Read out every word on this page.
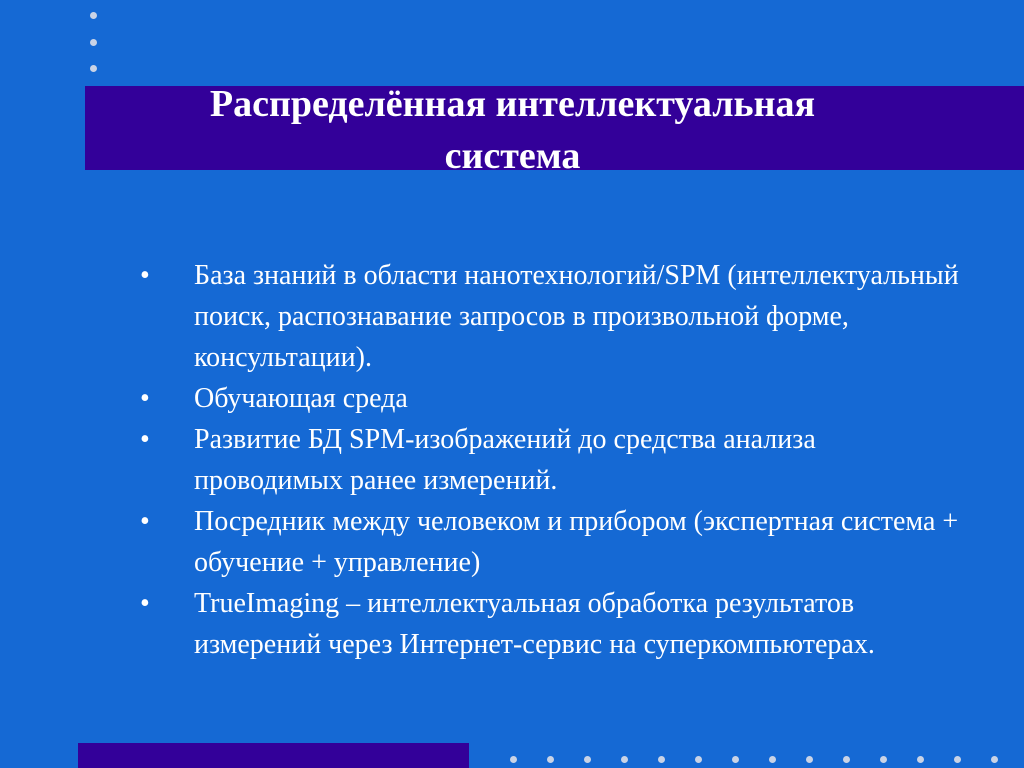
Распределённая интеллектуальная
система
• База знаний в области нанотехнологий/SPM (интеллектуальный поиск, распознавание запросов в произвольной форме, консультации).
• Обучающая среда
• Развитие БД SPM-изображений до средства анализа проводимых ранее измерений.
• Посредник между человеком и прибором (экспертная система + обучение + управление)
• TrueImaging – интеллектуальная обработка результатов измерений через Интернет-сервис на суперкомпьютерах.
